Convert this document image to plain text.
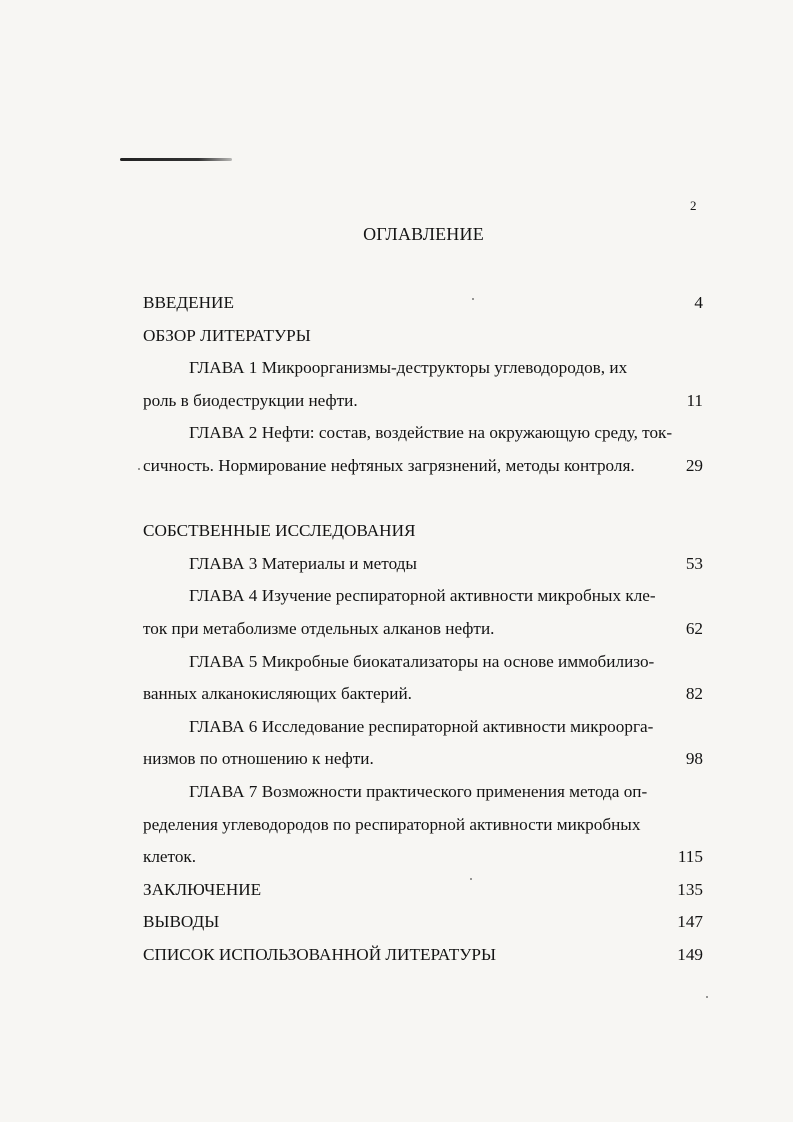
2
ОГЛАВЛЕНИЕ
ВВЕДЕНИЕ	4
ОБЗОР ЛИТЕРАТУРЫ
ГЛАВА 1 Микроорганизмы-деструкторы углеводородов, их
роль в биодеструкции нефти.	11
ГЛАВА 2 Нефти: состав, воздействие на окружающую среду, ток-
сичность. Нормирование нефтяных загрязнений, методы контроля.	29
СОБСТВЕННЫЕ ИССЛЕДОВАНИЯ
ГЛАВА 3 Материалы и методы	53
ГЛАВА 4 Изучение респираторной активности микробных кле-
ток при метаболизме отдельных алканов нефти.	62
ГЛАВА 5 Микробные биокатализаторы на основе иммобилизо-
ванных алканокисляющих бактерий.	82
ГЛАВА 6 Исследование респираторной активности микроорга-
низмов по отношению к нефти.	98
ГЛАВА 7 Возможности практического применения метода оп-
ределения углеводородов по респираторной активности микробных
клеток.	115
ЗАКЛЮЧЕНИЕ	135
ВЫВОДЫ	147
СПИСОК ИСПОЛЬЗОВАННОЙ ЛИТЕРАТУРЫ	149
